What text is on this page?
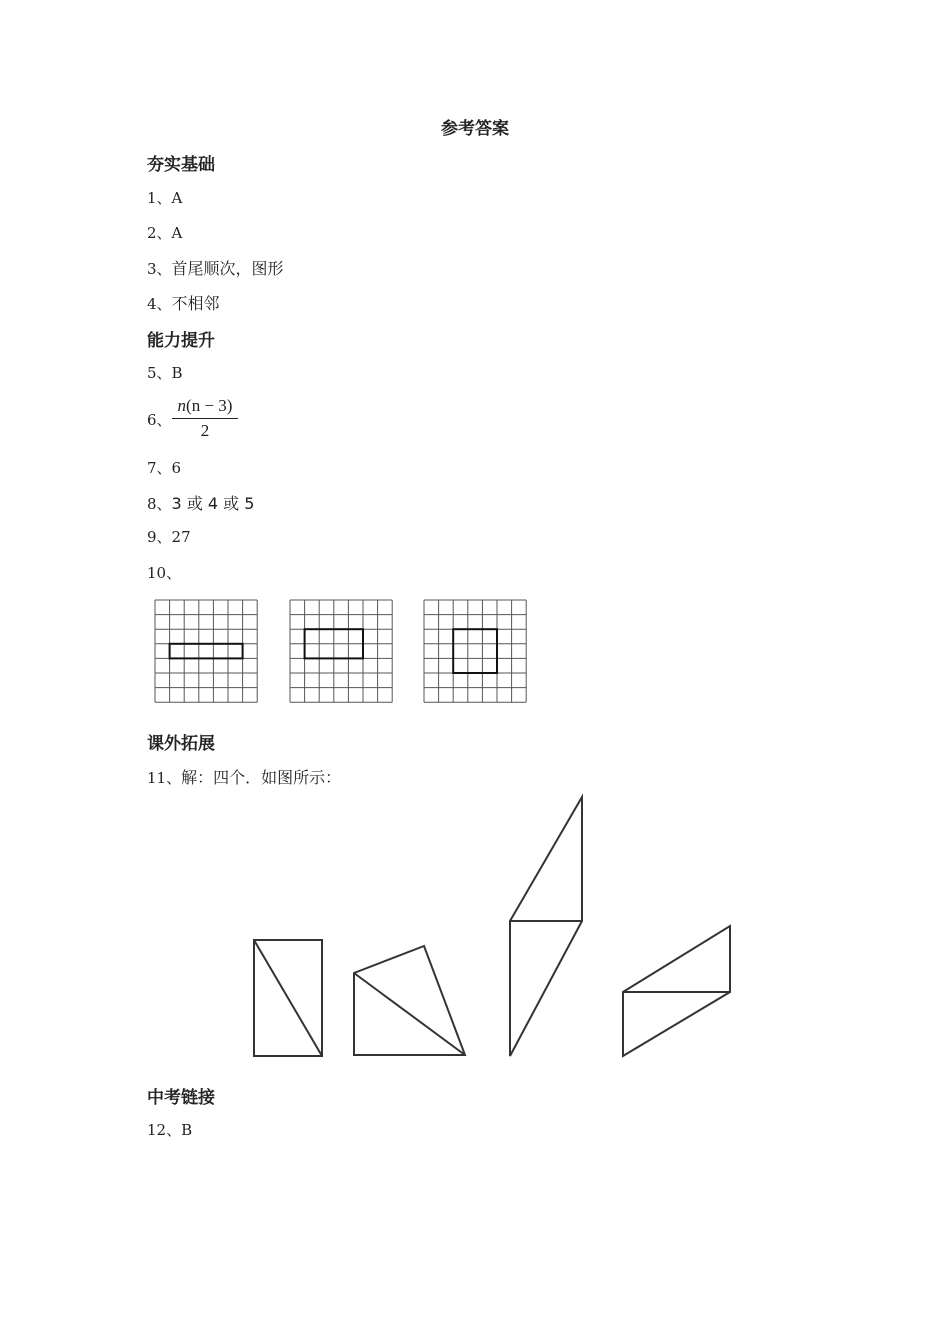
参考答案
夯实基础
1、A
2、A
3、首尾顺次，图形
4、不相邻
能力提升
5、B
6、
n(n − 3)
2
7、6
8、3 或 4 或 5
9、27
10、
课外拓展
11、解：四个．如图所示：
中考链接
12、B
